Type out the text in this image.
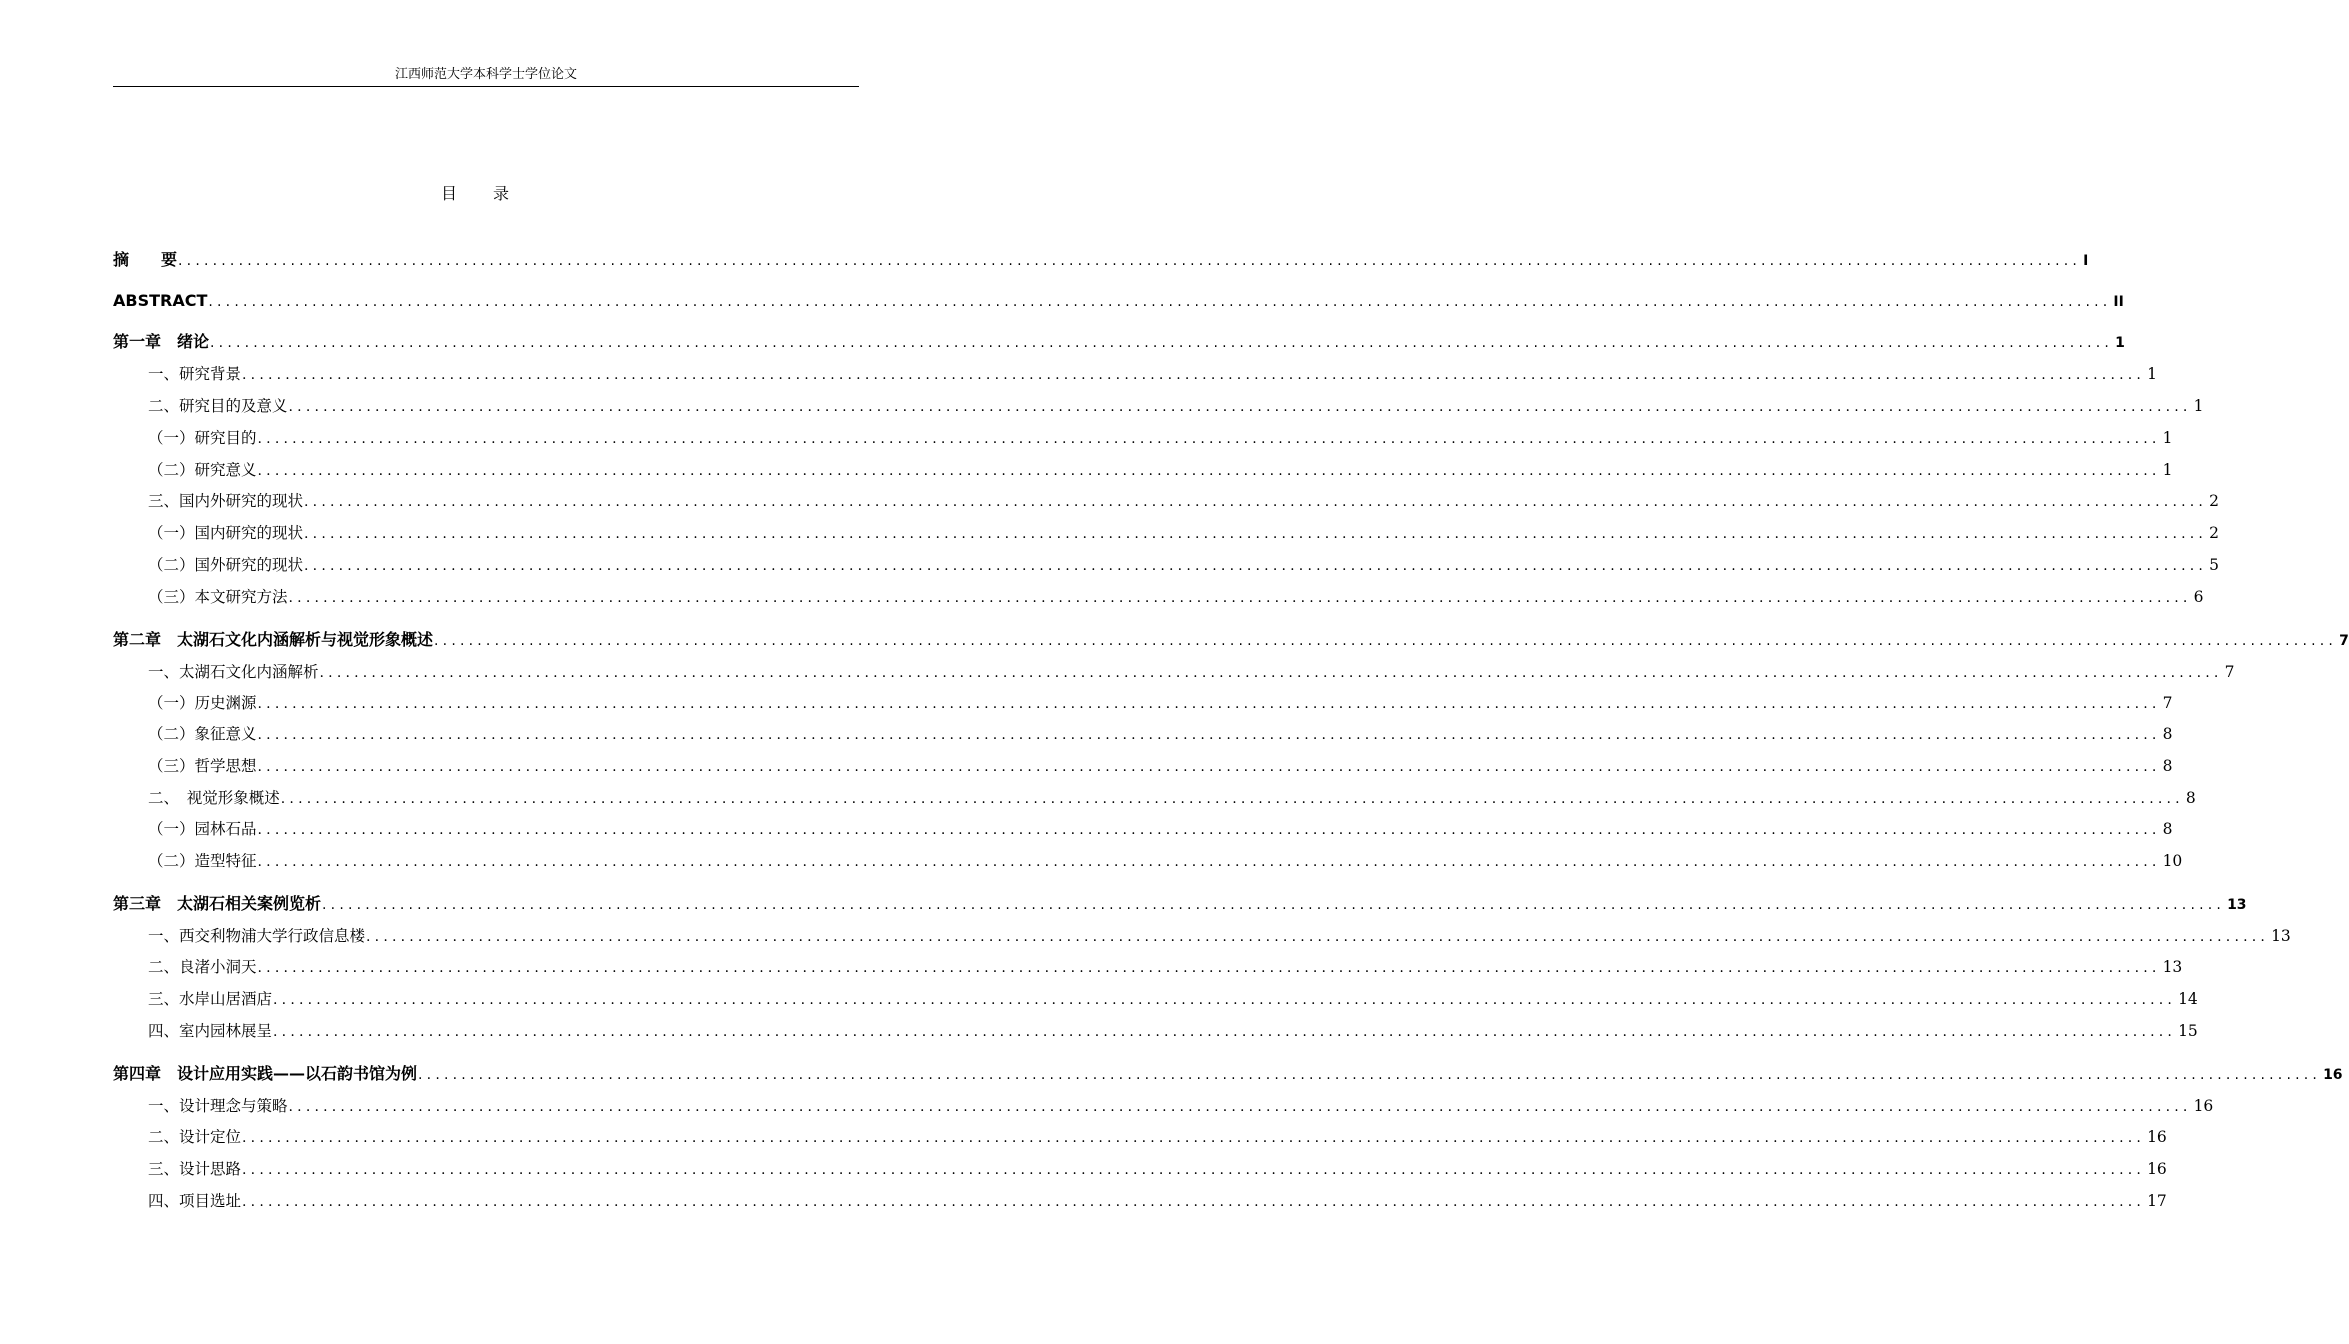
江西师范大学本科学士学位论文
目 录
摘　　要 ............................................................................................................................................................................................................................ I
ABSTRACT ............................................................................................................................................................................................................................ II
第一章　绪论 ............................................................................................................................................................................................................................ 1
一、研究背景 ............................................................................................................................................................................................................................ 1
二、研究目的及意义 ............................................................................................................................................................................................................................ 1
（一）研究目的 ............................................................................................................................................................................................................................ 1
（二）研究意义 ............................................................................................................................................................................................................................ 1
三、国内外研究的现状 ............................................................................................................................................................................................................................ 2
（一）国内研究的现状 ............................................................................................................................................................................................................................ 2
（二）国外研究的现状 ............................................................................................................................................................................................................................ 5
（三）本文研究方法 ............................................................................................................................................................................................................................ 6
第二章　太湖石文化内涵解析与视觉形象概述 ............................................................................................................................................................................................................................ 7
一、太湖石文化内涵解析 ............................................................................................................................................................................................................................ 7
（一）历史渊源 ............................................................................................................................................................................................................................ 7
（二）象征意义 ............................................................................................................................................................................................................................ 8
（三）哲学思想 ............................................................................................................................................................................................................................ 8
二、　视觉形象概述 ............................................................................................................................................................................................................................ 8
（一）园林石品 ............................................................................................................................................................................................................................ 8
（二）造型特征 ............................................................................................................................................................................................................................ 10
第三章　太湖石相关案例览析 ............................................................................................................................................................................................................................ 13
一、西交利物浦大学行政信息楼 ............................................................................................................................................................................................................................ 13
二、良渚小洞天 ............................................................................................................................................................................................................................ 13
三、水岸山居酒店 ............................................................................................................................................................................................................................ 14
四、室内园林展呈 ............................................................................................................................................................................................................................ 15
第四章　设计应用实践——以石韵书馆为例 ............................................................................................................................................................................................................................ 16
一、设计理念与策略 ............................................................................................................................................................................................................................ 16
二、设计定位 ............................................................................................................................................................................................................................ 16
三、设计思路 ............................................................................................................................................................................................................................ 16
四、项目选址 ............................................................................................................................................................................................................................ 17
